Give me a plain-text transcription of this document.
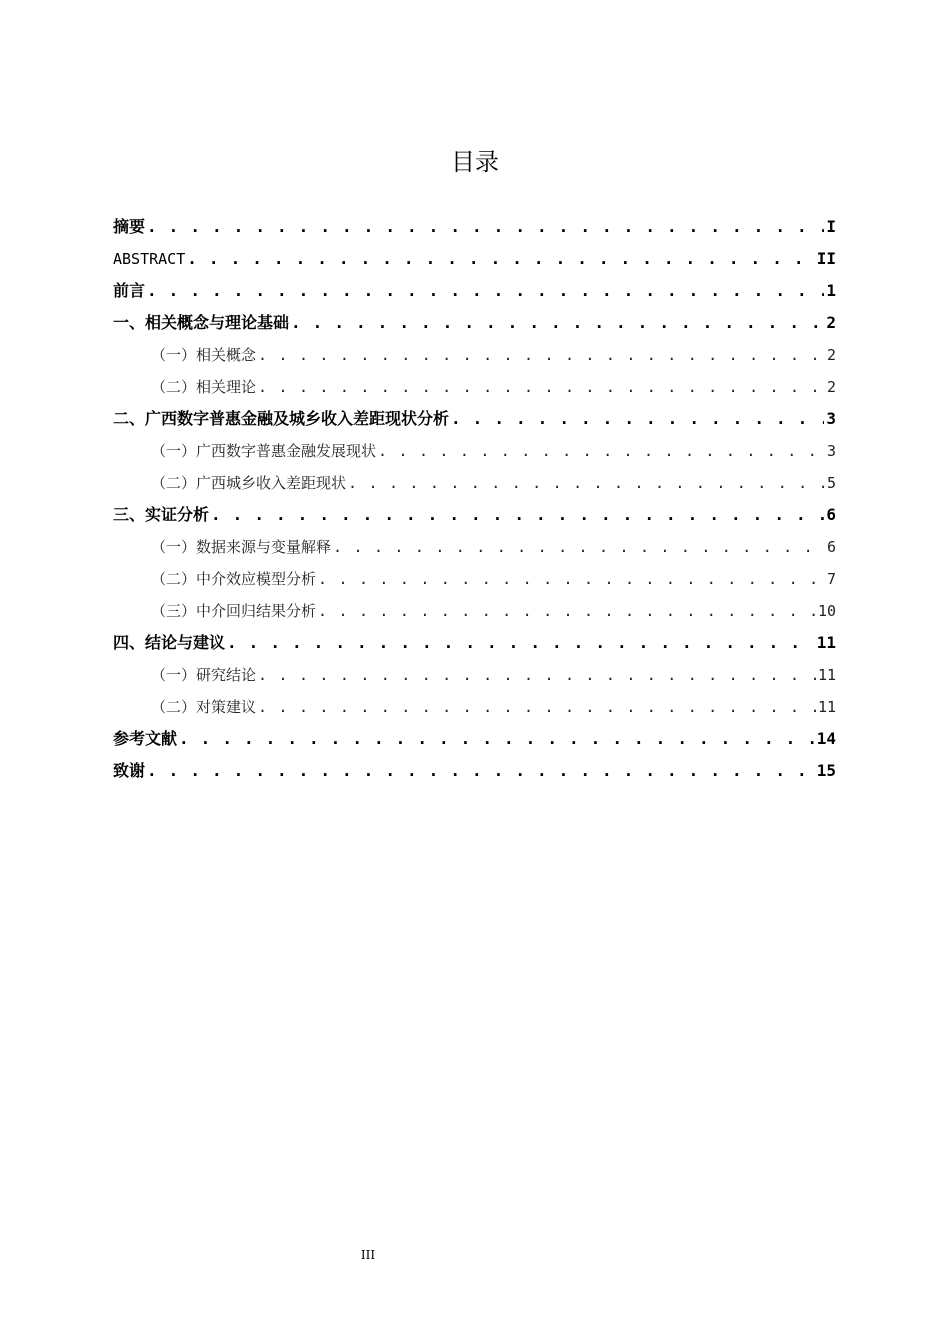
目录
摘要 . . .	I
ABSTRACT . . .	II
前言 . . .	1
一、相关概念与理论基础 . . .	2
（一）相关概念 . . .	2
（二）相关理论 . . .	2
二、广西数字普惠金融及城乡收入差距现状分析 . . .	3
（一）广西数字普惠金融发展现状 . . .	3
（二）广西城乡收入差距现状 . . .	5
三、实证分析 . . .	6
（一）数据来源与变量解释 . . .	6
（二）中介效应模型分析 . . .	7
（三）中介回归结果分析 . . .	10
四、结论与建议 . . .	11
（一）研究结论 . . .	11
（二）对策建议 . . .	11
参考文献 . . .	14
致谢 . . .	15
III
